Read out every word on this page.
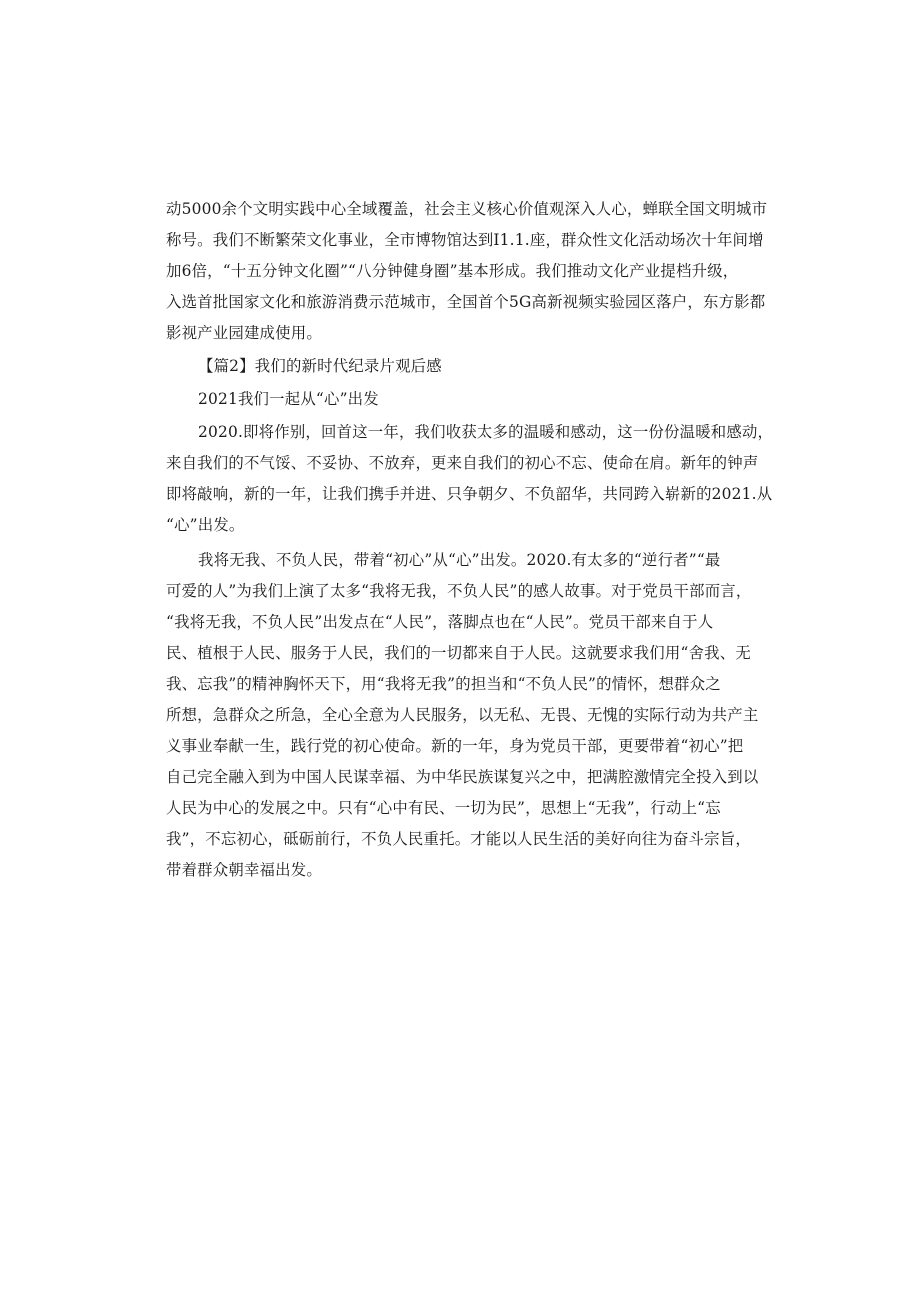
动5000余个文明实践中心全域覆盖，社会主义核心价值观深入人心，蝉联全国文明城市
称号。我们不断繁荣文化事业，全市博物馆达到I1.1.座，群众性文化活动场次十年间增
加6倍，“十五分钟文化圈”“八分钟健身圈”基本形成。我们推动文化产业提档升级，
入选首批国家文化和旅游消费示范城市，全国首个5G高新视频实验园区落户，东方影都
影视产业园建成使用。
【篇2】我们的新时代纪录片观后感
2021我们一起从“心”出发
2020.即将作别，回首这一年，我们收获太多的温暖和感动，这一份份温暖和感动，
来自我们的不气馁、不妥协、不放弃，更来自我们的初心不忘、使命在肩。新年的钟声
即将敲响，新的一年，让我们携手并进、只争朝夕、不负韶华，共同跨入崭新的2021.从
“心”出发。
我将无我、不负人民，带着“初心”从“心”出发。2020.有太多的“逆行者”“最
可爱的人”为我们上演了太多“我将无我，不负人民”的感人故事。对于党员干部而言，
“我将无我，不负人民”出发点在“人民”，落脚点也在“人民”。党员干部来自于人
民、植根于人民、服务于人民，我们的一切都来自于人民。这就要求我们用“舍我、无
我、忘我”的精神胸怀天下，用“我将无我”的担当和“不负人民”的情怀，想群众之
所想，急群众之所急，全心全意为人民服务，以无私、无畏、无愧的实际行动为共产主
义事业奉献一生，践行党的初心使命。新的一年，身为党员干部，更要带着“初心”把
自己完全融入到为中国人民谋幸福、为中华民族谋复兴之中，把满腔激情完全投入到以
人民为中心的发展之中。只有“心中有民、一切为民”，思想上“无我”，行动上“忘
我”，不忘初心，砥砺前行，不负人民重托。才能以人民生活的美好向往为奋斗宗旨，
带着群众朝幸福出发。
